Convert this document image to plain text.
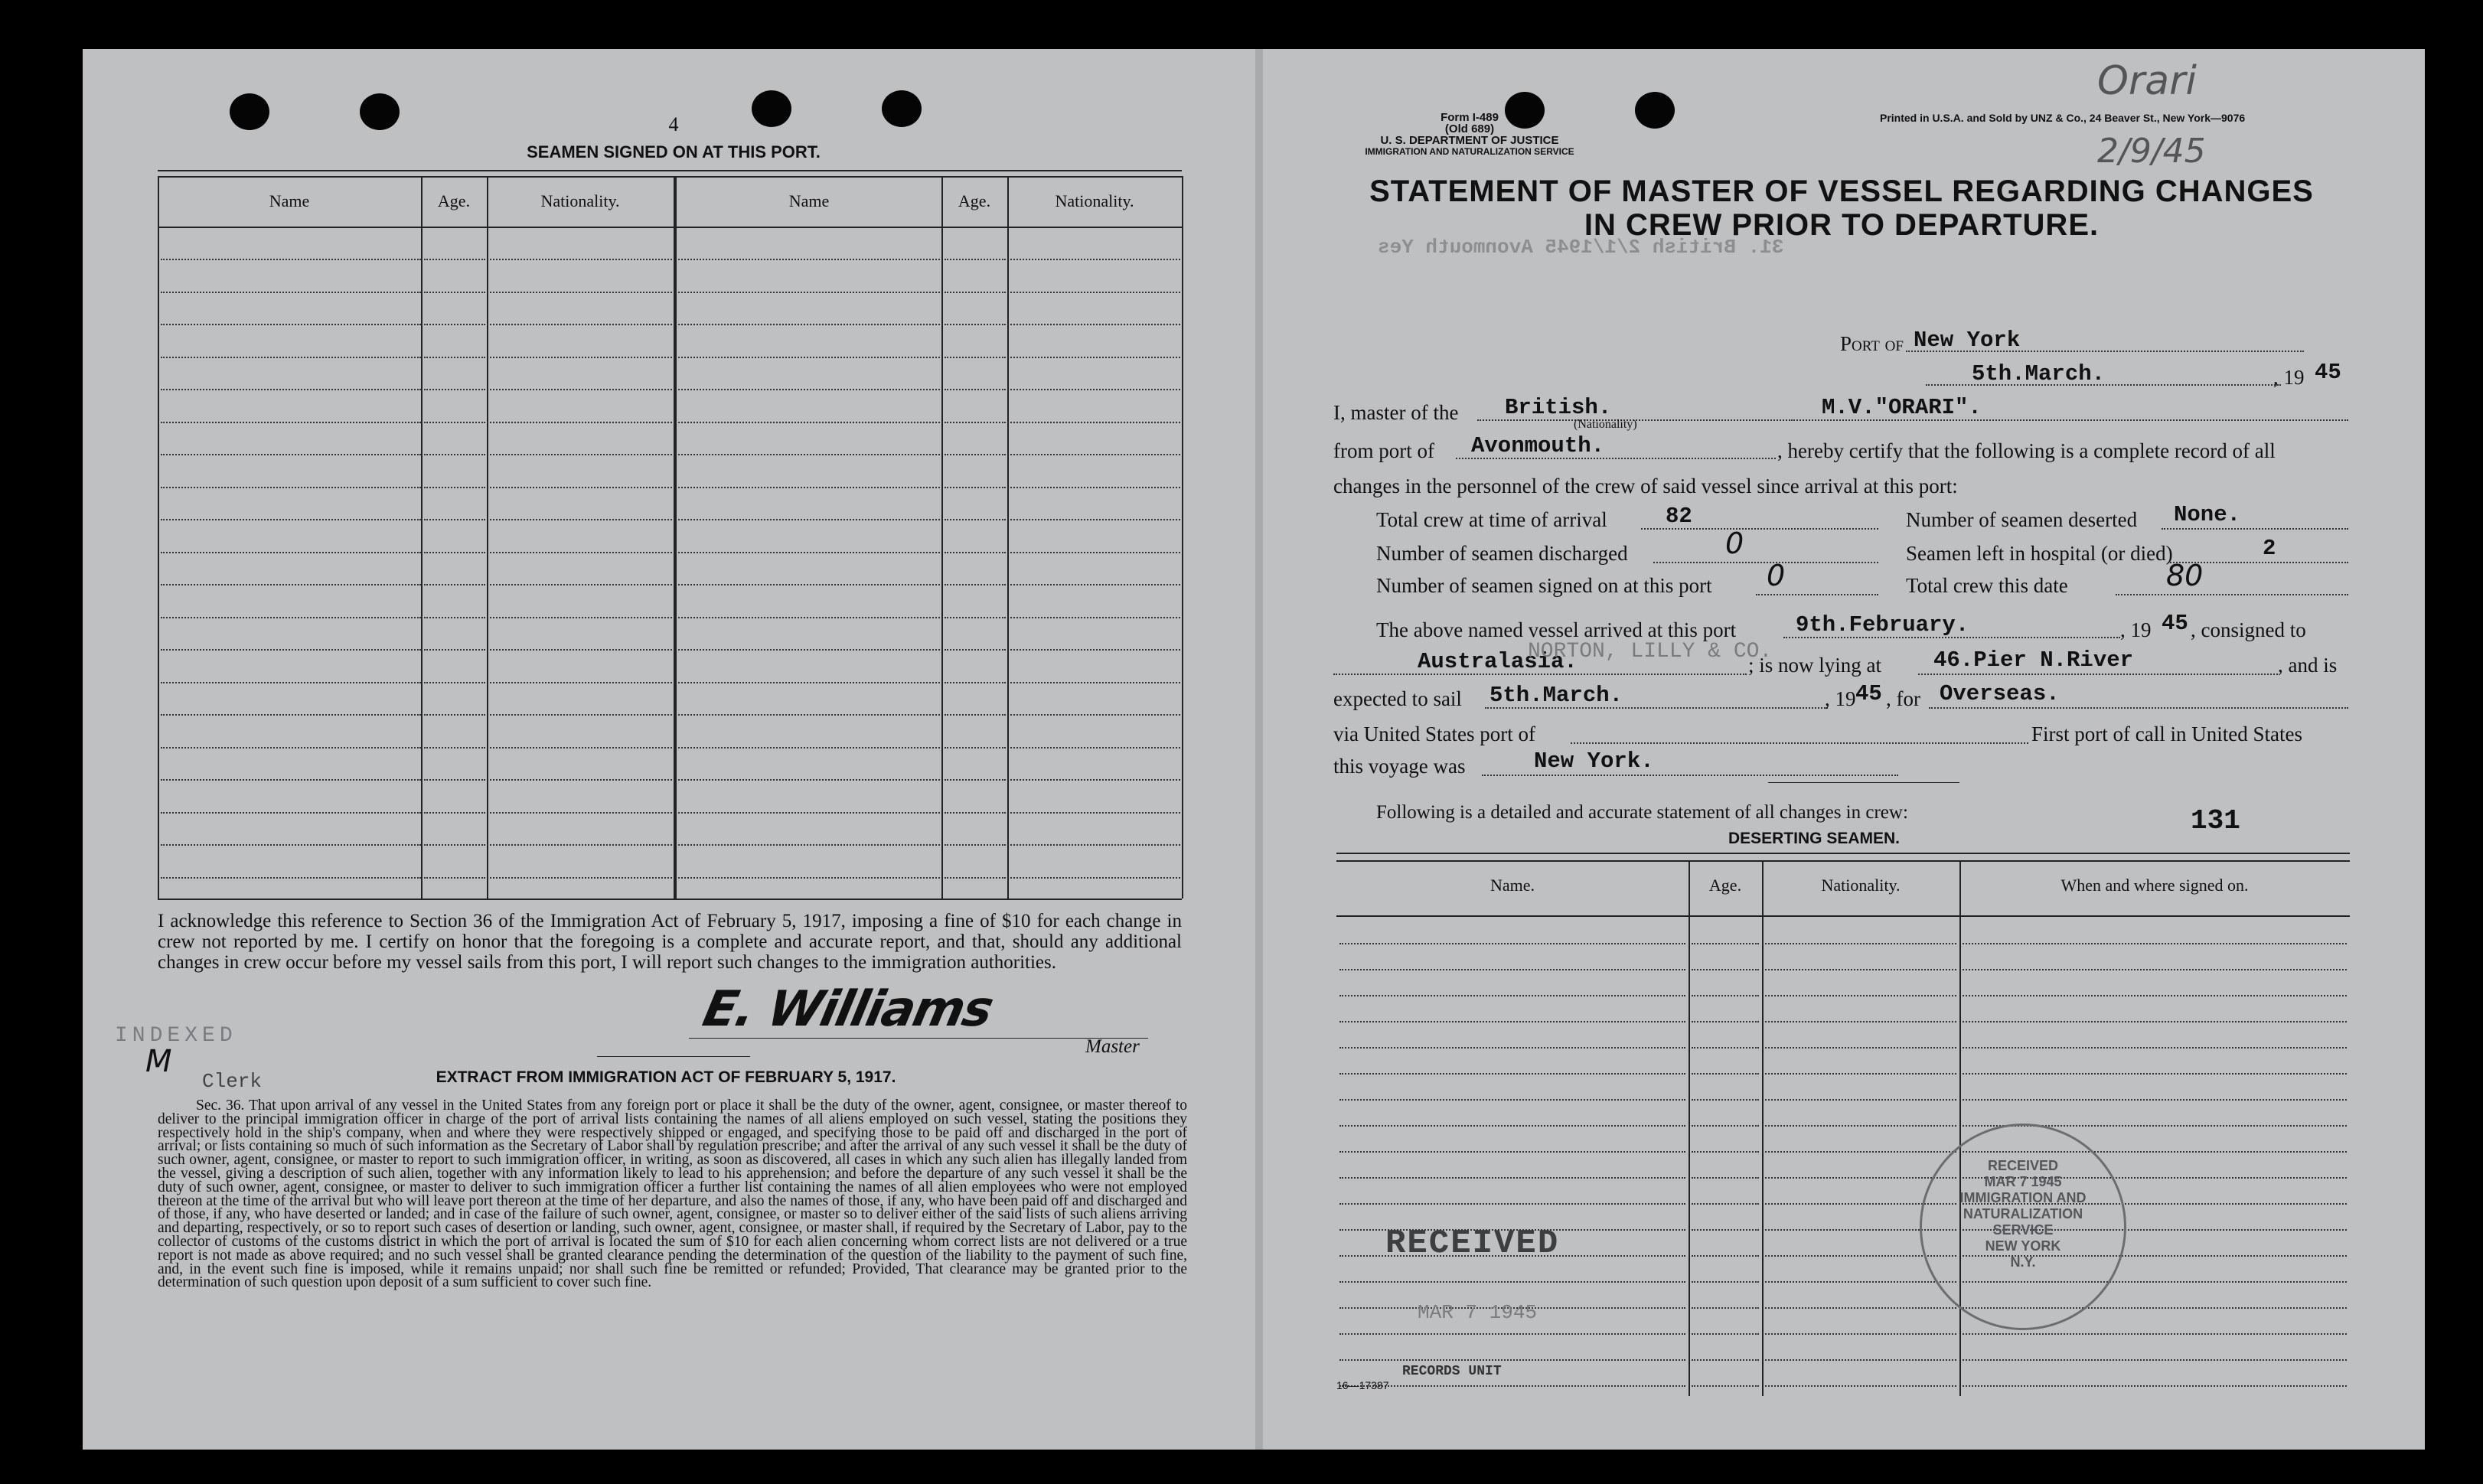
4
SEAMEN SIGNED ON AT THIS PORT.
Name	Age.	Nationality.	Name	Age.	Nationality.
I acknowledge this reference to Section 36 of the Immigration Act of February 5, 1917, imposing a fine of $10 for each change in crew not reported by me. I certify on honor that the foregoing is a complete and accurate report, and that, should any additional changes in crew occur before my vessel sails from this port, I will report such changes to the immigration authorities.
E. Williams
Master
INDEXED
M
Clerk	EXTRACT FROM IMMIGRATION ACT OF FEBRUARY 5, 1917.
Sec. 36. That upon arrival of any vessel in the United States from any foreign port or place it shall be the duty of the owner, agent, consignee, or master thereof to deliver to the principal immigration officer in charge of the port of arrival lists containing the names of all aliens employed on such vessel, stating the positions they respectively hold in the ship's company, when and where they were respectively shipped or engaged, and specifying those to be paid off and discharged in the port of arrival; or lists containing so much of such information as the Secretary of Labor shall by regulation prescribe; and after the arrival of any such vessel it shall be the duty of such owner, agent, consignee, or master to report to such immigration officer, in writing, as soon as discovered, all cases in which any such alien has illegally landed from the vessel, giving a description of such alien, together with any information likely to lead to his apprehension; and before the departure of any such vessel it shall be the duty of such owner, agent, consignee, or master to deliver to such immigration officer a further list containing the names of all alien employees who were not employed thereon at the time of the arrival but who will leave port thereon at the time of her departure, and also the names of those, if any, who have been paid off and discharged and of those, if any, who have deserted or landed; and in case of the failure of such owner, agent, consignee, or master so to deliver either of the said lists of such aliens arriving and departing, respectively, or so to report such cases of desertion or landing, such owner, agent, consignee, or master shall, if required by the Secretary of Labor, pay to the collector of customs of the customs district in which the port of arrival is located the sum of $10 for each alien concerning whom correct lists are not delivered or a true report is not made as above required; and no such vessel shall be granted clearance pending the determination of the question of the liability to the payment of such fine, and, in the event such fine is imposed, while it remains unpaid; nor shall such fine be remitted or refunded; Provided, That clearance may be granted prior to the determination of such question upon deposit of a sum sufficient to cover such fine.
Form I-489
(Old 689)
U. S. DEPARTMENT OF JUSTICE
IMMIGRATION AND NATURALIZATION SERVICE
Printed in U.S.A. and Sold by UNZ & Co., 24 Beaver St., New York—9076
Orari
2/9/45
STATEMENT OF MASTER OF VESSEL REGARDING CHANGES
IN CREW PRIOR TO DEPARTURE.
31. British 2/1/1945 Avonmouth Yes
Port of New York
5th.March.	, 19 45
I, master of the British.
(Nationality)
M.V."ORARI".
from port of Avonmouth.	, hereby certify that the following is a complete record of all
changes in the personnel of the crew of said vessel since arrival at this port:
Total crew at time of arrival	82	Number of seamen deserted None.
Number of seamen discharged	0	Seamen left in hospital (or died)	2
Number of seamen signed on at this port 0	Total crew this date	80
The above named vessel arrived at this port	9th.February.	, 19 45 , consigned to
Australasia.
NORTON, LILLY & CO.
; is now lying at 46.Pier N.River	, and is
expected to sail 5th.March.	, 19 45 , for Overseas.
via United States port of	First port of call in United States
this voyage was	New York.
Following is a detailed and accurate statement of all changes in crew:	131
DESERTING SEAMEN.
Name.	Age.	Nationality.	When and where signed on.
RECEIVED
MAR 7 1945
RECORDS UNIT
RECEIVED
MAR 7 1945
IMMIGRATION AND
NATURALIZATION
SERVICE
NEW YORK
N.Y.
16—17387
